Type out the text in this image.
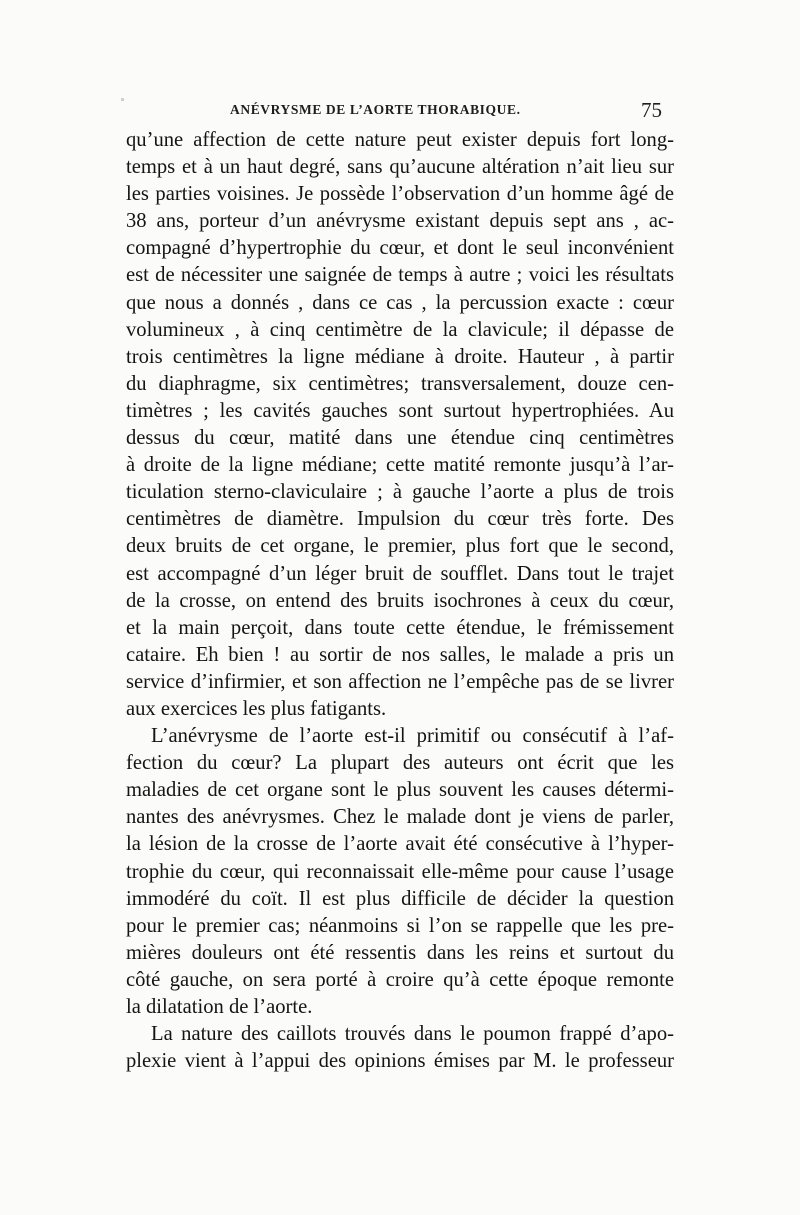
ANÉVRYSME DE L’AORTE THORABIQUE.	75
qu’une affection de cette nature peut exister depuis fort long-
temps et à un haut degré, sans qu’aucune altération n’ait lieu sur
les parties voisines. Je possède l’observation d’un homme âgé de
38 ans, porteur d’un anévrysme existant depuis sept ans , ac-
compagné d’hypertrophie du cœur, et dont le seul inconvénient
est de nécessiter une saignée de temps à autre ; voici les résultats
que nous a donnés , dans ce cas , la percussion exacte : cœur
volumineux , à cinq centimètre de la clavicule; il dépasse de
trois centimètres la ligne médiane à droite. Hauteur , à partir
du diaphragme, six centimètres; transversalement, douze cen-
timètres ; les cavités gauches sont surtout hypertrophiées. Au
dessus du cœur, matité dans une étendue cinq centimètres
à droite de la ligne médiane; cette matité remonte jusqu’à l’ar-
ticulation sterno-claviculaire ; à gauche l’aorte a plus de trois
centimètres de diamètre. Impulsion du cœur très forte. Des
deux bruits de cet organe, le premier, plus fort que le second,
est accompagné d’un léger bruit de soufflet. Dans tout le trajet
de la crosse, on entend des bruits isochrones à ceux du cœur,
et la main perçoit, dans toute cette étendue, le frémissement
cataire. Eh bien ! au sortir de nos salles, le malade a pris un
service d’infirmier, et son affection ne l’empêche pas de se livrer
aux exercices les plus fatigants.
L’anévrysme de l’aorte est-il primitif ou consécutif à l’af-
fection du cœur? La plupart des auteurs ont écrit que les
maladies de cet organe sont le plus souvent les causes détermi-
nantes des anévrysmes. Chez le malade dont je viens de parler,
la lésion de la crosse de l’aorte avait été consécutive à l’hyper-
trophie du cœur, qui reconnaissait elle-même pour cause l’usage
immodéré du coït. Il est plus difficile de décider la question
pour le premier cas; néanmoins si l’on se rappelle que les pre-
mières douleurs ont été ressentis dans les reins et surtout du
côté gauche, on sera porté à croire qu’à cette époque remonte
la dilatation de l’aorte.
La nature des caillots trouvés dans le poumon frappé d’apo-
plexie vient à l’appui des opinions émises par M. le professeur
